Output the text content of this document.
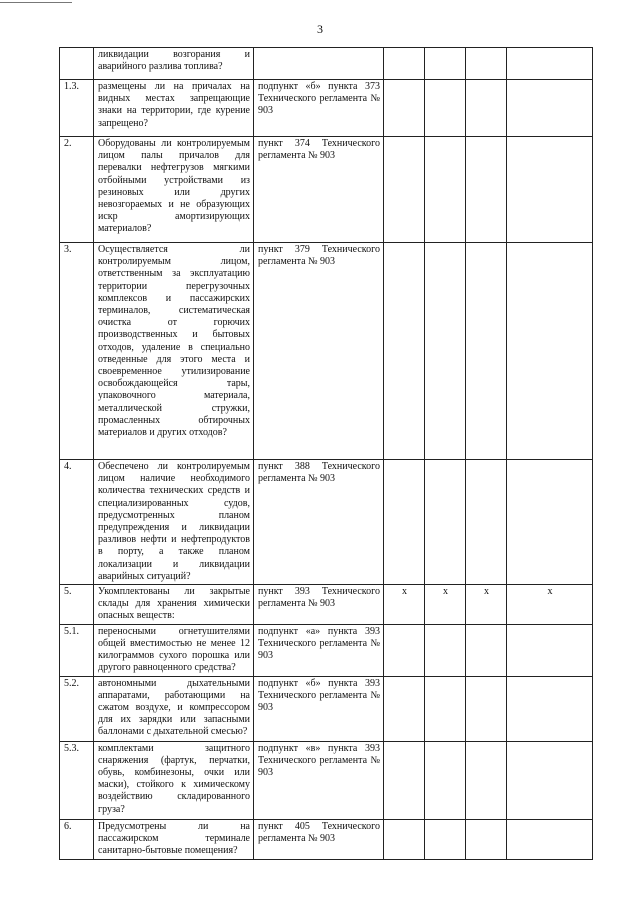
3
	ликвидации возгорания и аварийного разлива топлива?					
1.3.	размещены ли на причалах на видных местах запрещающие знаки на территории, где курение запрещено?	подпункт «б» пункта 373 Технического регламента № 903				
2.	Оборудованы ли контролируемым лицом палы причалов для перевалки нефтегрузов мягкими отбойными устройствами из резиновых или других невозгораемых и не образующих искр амортизирующих материалов?	пункт 374 Технического регламента № 903				
3.	Осуществляется ли контролируемым лицом, ответственным за эксплуатацию территории перегрузочных комплексов и пассажирских терминалов, систематическая очистка от горючих производственных и бытовых отходов, удаление в специально отведенные для этого места и своевременное утилизирование освобождающейся тары, упаковочного материала, металлической стружки, промасленных обтирочных материалов и других отходов?	пункт 379 Технического регламента № 903				
4.	Обеспечено ли контролируемым лицом наличие необходимого количества технических средств и специализированных судов, предусмотренных планом предупреждения и ликвидации разливов нефти и нефтепродуктов в порту, а также планом локализации и ликвидации аварийных ситуаций?	пункт 388 Технического регламента № 903				
5.	Укомплектованы ли закрытые склады для хранения химически опасных веществ:	пункт 393 Технического регламента № 903	x	x	x	x
5.1.	переносными огнетушителями общей вместимостью не менее 12 килограммов сухого порошка или другого равноценного средства?	подпункт «а» пункта 393 Технического регламента № 903				
5.2.	автономными дыхательными аппаратами, работающими на сжатом воздухе, и компрессором для их зарядки или запасными баллонами с дыхательной смесью?	подпункт «б» пункта 393 Технического регламента № 903				
5.3.	комплектами защитного снаряжения (фартук, перчатки, обувь, комбинезоны, очки или маски), стойкого к химическому воздействию складированного груза?	подпункт «в» пункта 393 Технического регламента № 903				
6.	Предусмотрены ли на пассажирском терминале санитарно-бытовые помещения?	пункт 405 Технического регламента № 903				
